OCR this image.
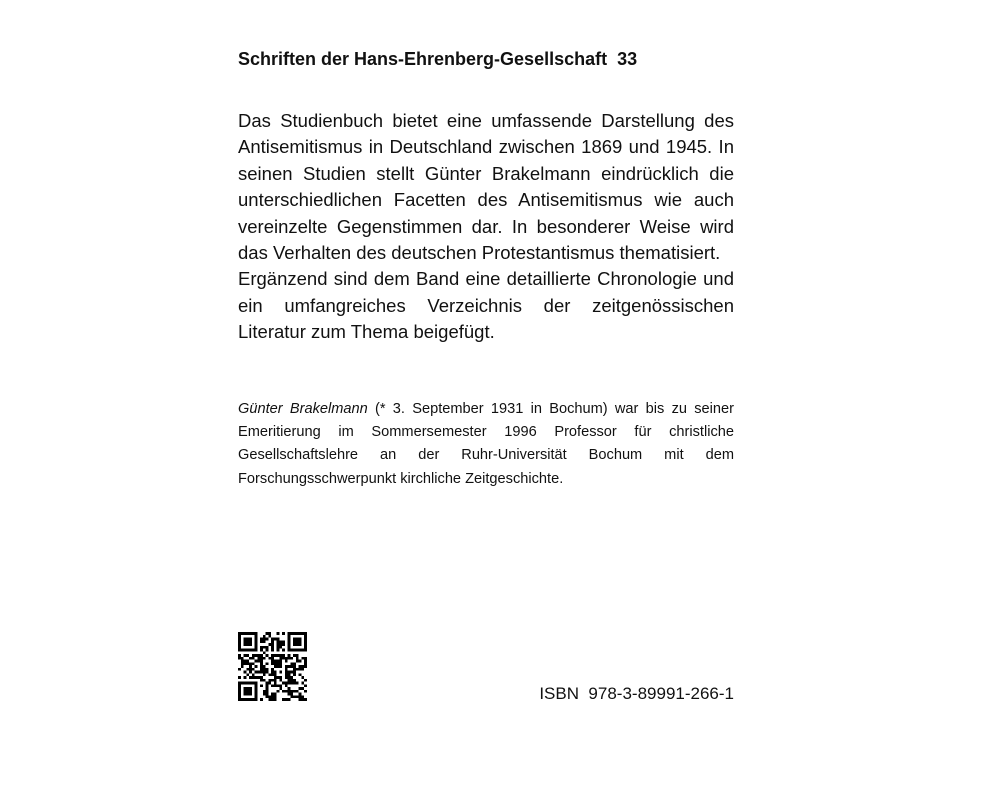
Schriften der Hans-Ehrenberg-Gesellschaft  33

Das Studienbuch bietet eine umfassende Darstellung des Antisemitismus in Deutschland zwischen 1869 und 1945. In seinen Studien stellt Günter Brakelmann eindrücklich die unterschiedlichen Facetten des Antisemitismus wie auch vereinzelte Gegenstimmen dar. In besonderer Weise wird das Verhalten des deutschen Protestantismus thematisiert.

Ergänzend sind dem Band eine detaillierte Chronologie und ein umfangreiches Verzeichnis der zeitgenössischen Literatur zum Thema beigefügt.

Günter Brakelmann (* 3. September 1931 in Bochum) war bis zu seiner Emeritierung im Sommersemester 1996 Professor für christliche Gesellschaftslehre an der Ruhr-Universität Bochum mit dem Forschungsschwerpunkt kirchliche Zeitgeschichte.
ISBN  978-3-89991-266-1
